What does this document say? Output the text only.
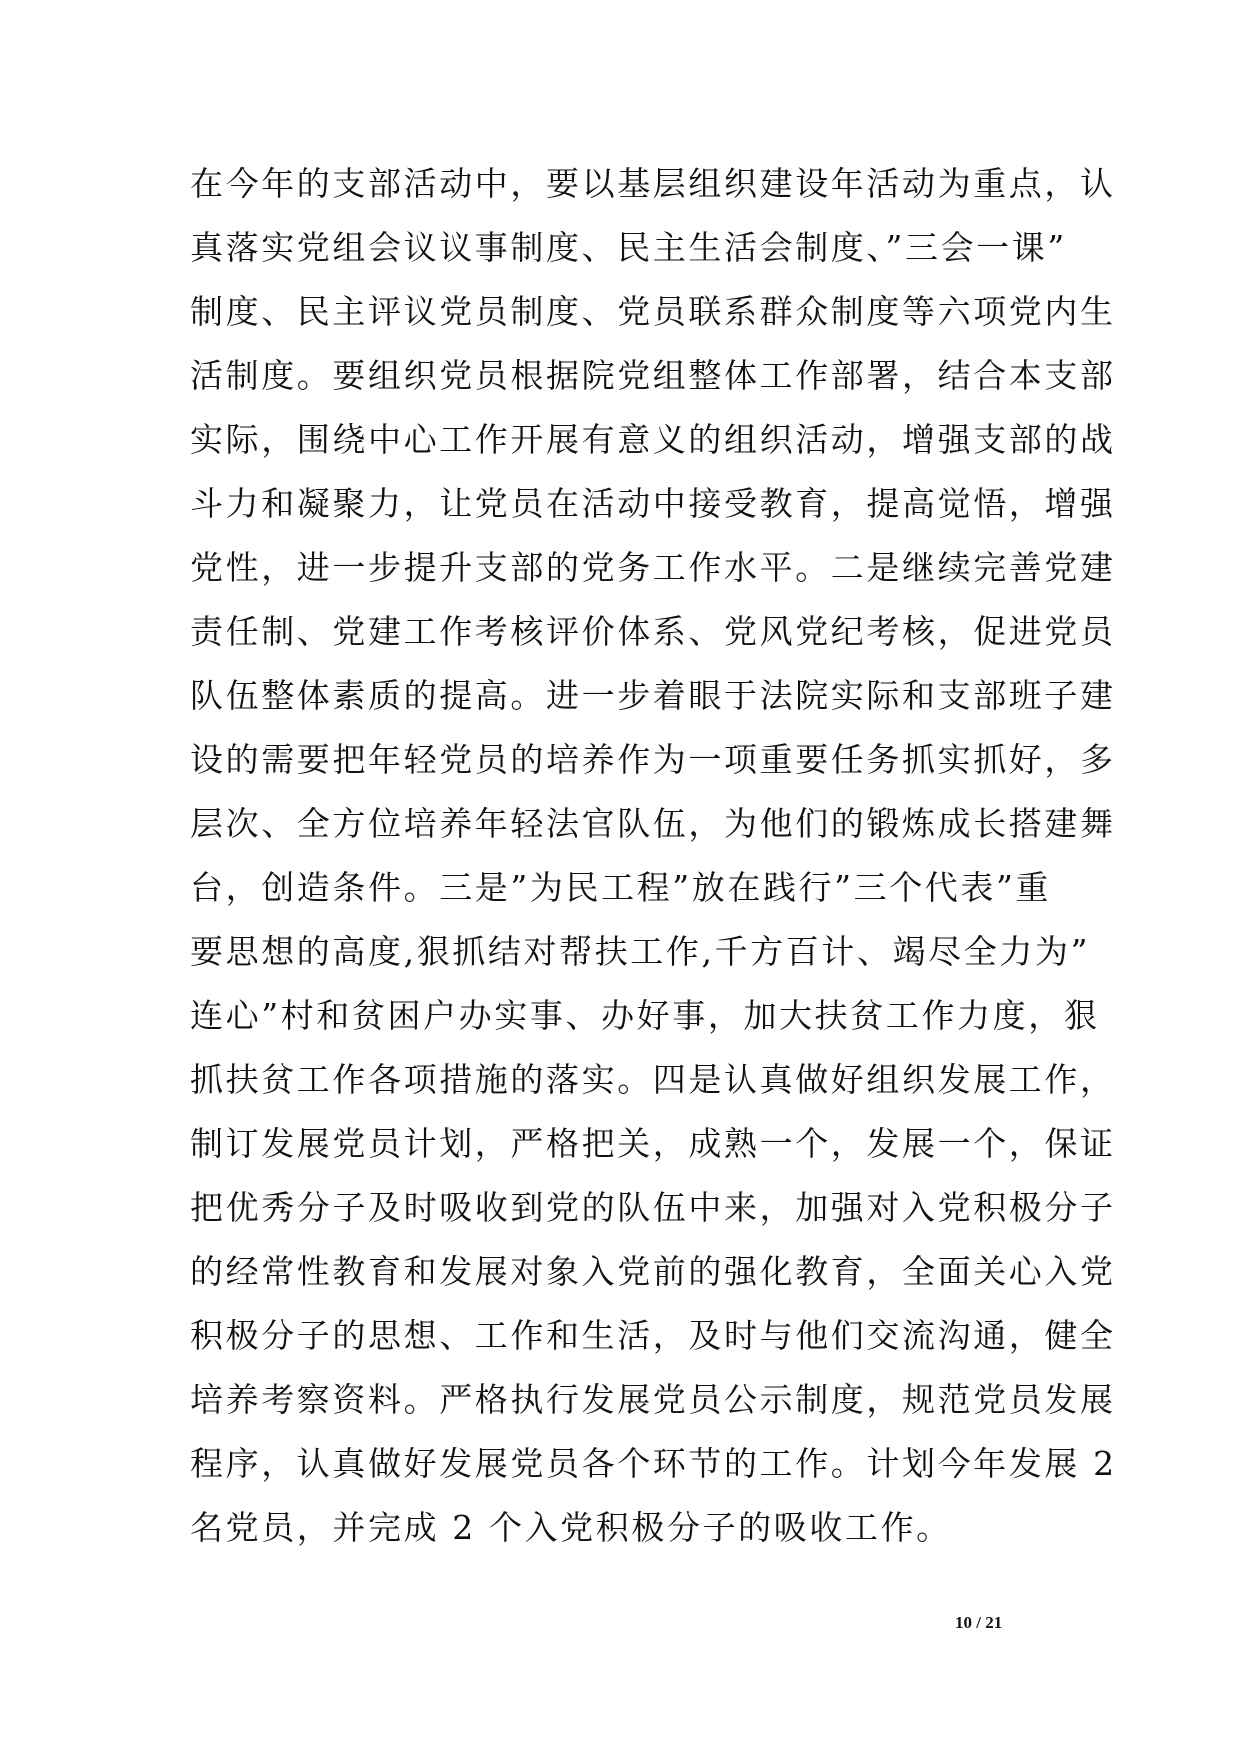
在今年的支部活动中，要以基层组织建设年活动为重点，认
真落实党组会议议事制度、民主生活会制度、”三会一课”
制度、民主评议党员制度、党员联系群众制度等六项党内生
活制度。要组织党员根据院党组整体工作部署，结合本支部
实际，围绕中心工作开展有意义的组织活动，增强支部的战
斗力和凝聚力，让党员在活动中接受教育，提高觉悟，增强
党性，进一步提升支部的党务工作水平。二是继续完善党建
责任制、党建工作考核评价体系、党风党纪考核，促进党员
队伍整体素质的提高。进一步着眼于法院实际和支部班子建
设的需要把年轻党员的培养作为一项重要任务抓实抓好，多
层次、全方位培养年轻法官队伍，为他们的锻炼成长搭建舞
台，创造条件。三是”为民工程”放在践行”三个代表”重
要思想的高度,狠抓结对帮扶工作,千方百计、竭尽全力为”
连心”村和贫困户办实事、办好事，加大扶贫工作力度，狠
抓扶贫工作各项措施的落实。四是认真做好组织发展工作，
制订发展党员计划，严格把关，成熟一个，发展一个，保证
把优秀分子及时吸收到党的队伍中来，加强对入党积极分子
的经常性教育和发展对象入党前的强化教育，全面关心入党
积极分子的思想、工作和生活，及时与他们交流沟通，健全
培养考察资料。严格执行发展党员公示制度，规范党员发展
程序，认真做好发展党员各个环节的工作。计划今年发展 2
名党员，并完成 2 个入党积极分子的吸收工作。
10 / 21
